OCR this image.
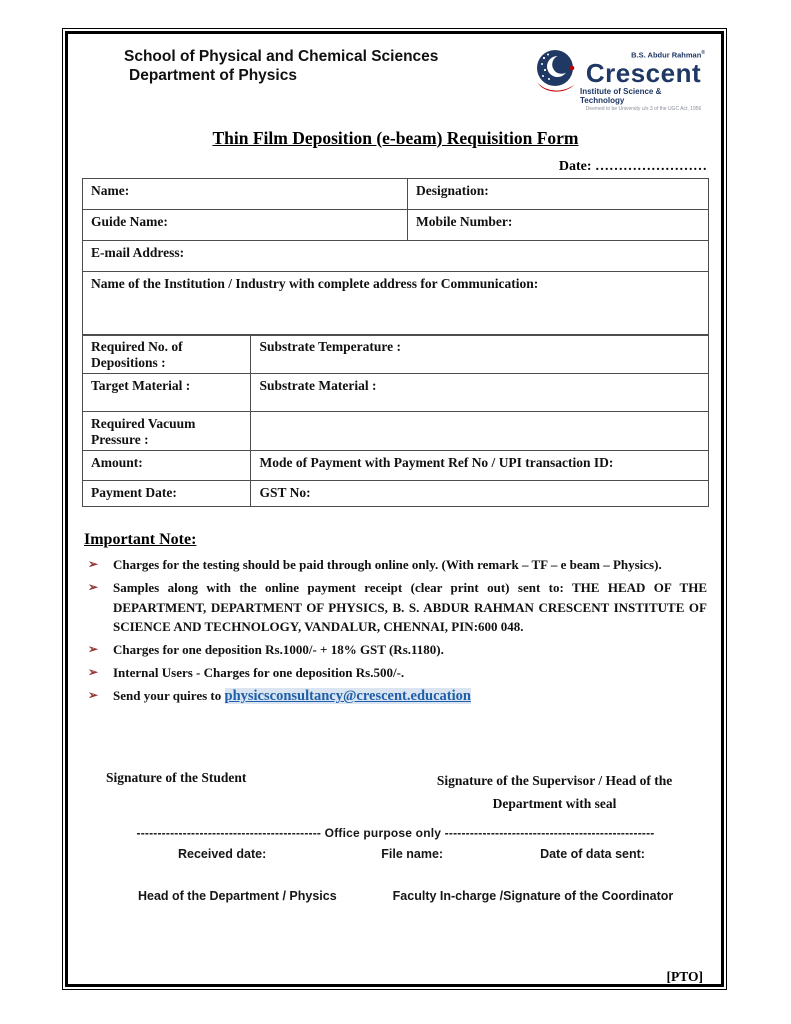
School of Physical and Chemical Sciences
Department of Physics
B.S. Abdur Rahman®
Crescent
Institute of Science & Technology
Deemed to be University u/s 3 of the UGC Act, 1956
Thin Film Deposition (e-beam) Requisition Form
Date: ……………………
Name:	Designation:
Guide Name:	Mobile Number:
E-mail Address:	
Name of the Institution / Industry with complete address for Communication:	
Required No. of Depositions :	Substrate Temperature :
Target Material :	Substrate Material :
Required Vacuum Pressure :	
Amount:	Mode of Payment with Payment Ref No / UPI transaction ID:
Payment Date:	GST No:
Important Note:
➢	Charges for the testing should be paid through online only. (With remark – TF – e beam – Physics).
➢	Samples along with the online payment receipt (clear print out) sent to: THE HEAD OF THE DEPARTMENT, DEPARTMENT OF PHYSICS, B. S. ABDUR RAHMAN CRESCENT INSTITUTE OF SCIENCE AND TECHNOLOGY, VANDALUR, CHENNAI, PIN:600 048.
➢	Charges for one deposition Rs.1000/- + 18% GST (Rs.1180).
➢	Internal Users - Charges for one deposition Rs.500/-.
➢	Send your quires to physicsconsultancy@crescent.education
Signature of the Student	Signature of the Supervisor / Head of the
Department with seal
-------------------------------------------- Office purpose only --------------------------------------------------
Received date:	File name:	Date of data sent:
Head of the Department / Physics	Faculty In-charge /Signature of the Coordinator
[PTO]
